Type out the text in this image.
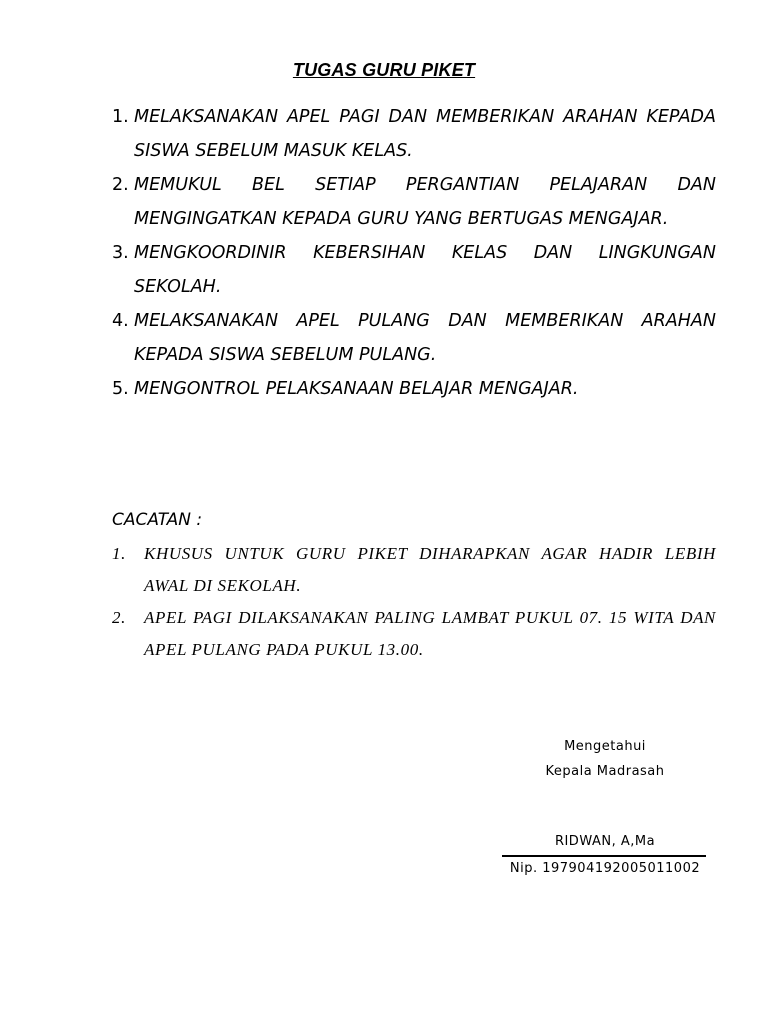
TUGAS GURU PIKET
1. MELAKSANAKAN APEL PAGI DAN MEMBERIKAN ARAHAN KEPADA SISWA SEBELUM MASUK KELAS.
2. MEMUKUL BEL SETIAP PERGANTIAN PELAJARAN DAN MENGINGATKAN KEPADA GURU YANG BERTUGAS MENGAJAR.
3. MENGKOORDINIR KEBERSIHAN KELAS DAN LINGKUNGAN SEKOLAH.
4. MELAKSANAKAN APEL PULANG DAN MEMBERIKAN ARAHAN KEPADA SISWA SEBELUM PULANG.
5. MENGONTROL PELAKSANAAN BELAJAR MENGAJAR.
CACATAN :
1.	KHUSUS UNTUK GURU PIKET DIHARAPKAN AGAR HADIR LEBIH AWAL DI SEKOLAH.
2.	APEL PAGI DILAKSANAKAN PALING LAMBAT PUKUL 07. 15 WITA DAN APEL PULANG PADA PUKUL 13.00.
Mengetahui
Kepala Madrasah
RIDWAN, A,Ma
Nip. 197904192005011002
